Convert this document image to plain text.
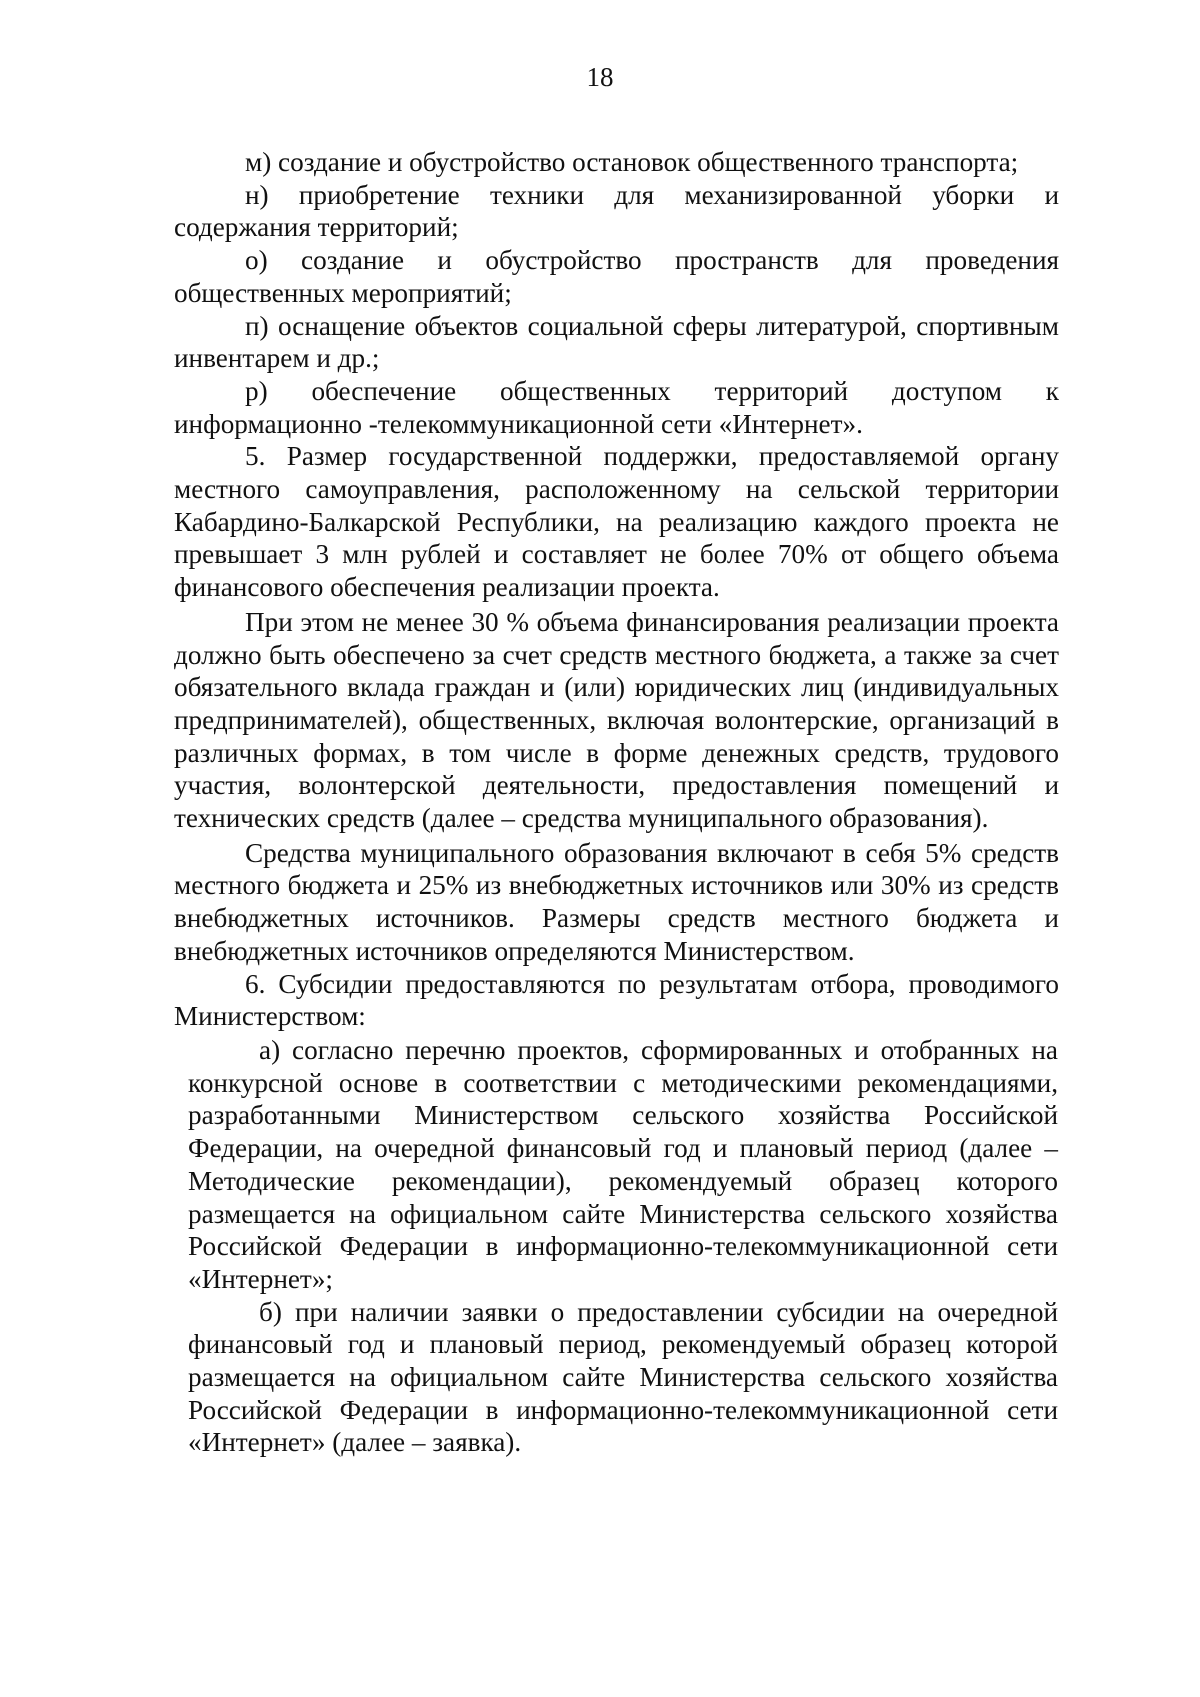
18

м) создание и обустройство остановок общественного транспорта;

н) приобретение техники для механизированной уборки и содержания территорий;

о) создание и обустройство пространств для проведения общественных мероприятий;

п) оснащение объектов социальной сферы литературой, спортивным инвентарем и др.;

р) обеспечение общественных территорий доступом к информационно -телекоммуникационной сети «Интернет».

5. Размер государственной поддержки, предоставляемой органу местного самоуправления, расположенному на сельской территории Кабардино-Балкарской Республики, на реализацию каждого проекта не превышает 3 млн рублей и составляет не более 70% от общего объема финансового обеспечения реализации проекта.

При этом не менее 30 % объема финансирования реализации проекта должно быть обеспечено за счет средств местного бюджета, а также за счет обязательного вклада граждан и (или) юридических лиц (индивидуальных предпринимателей), общественных, включая волонтерские, организаций в различных формах, в том числе в форме денежных средств, трудового участия, волонтерской деятельности, предоставления помещений и технических средств (далее – средства муниципального образования).

Средства муниципального образования включают в себя 5% средств местного бюджета и 25% из внебюджетных источников или 30% из средств внебюджетных источников. Размеры средств местного бюджета и внебюджетных источников определяются Министерством.

6. Субсидии предоставляются по результатам отбора, проводимого Министерством:

а) согласно перечню проектов, сформированных и отобранных на конкурсной основе в соответствии с методическими рекомендациями, разработанными Министерством сельского хозяйства Российской Федерации, на очередной финансовый год и плановый период (далее – Методические рекомендации), рекомендуемый образец которого размещается на официальном сайте Министерства сельского хозяйства Российской Федерации в информационно-телекоммуникационной сети «Интернет»;

б) при наличии заявки о предоставлении субсидии на очередной финансовый год и плановый период, рекомендуемый образец которой размещается на официальном сайте Министерства сельского хозяйства Российской Федерации в информационно-телекоммуникационной сети «Интернет» (далее – заявка).
